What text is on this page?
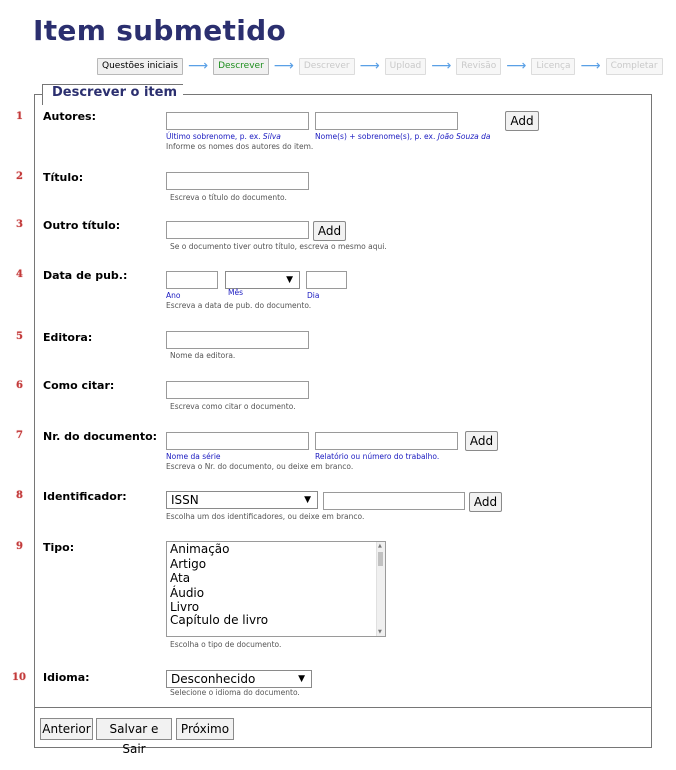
Item submetido
Questões iniciais ⟶	Descrever ⟶	Descrever ⟶	Upload ⟶	Revisão ⟶	Licença ⟶	Completar
Descrever o item
1 Autores:	Add
Último sobrenome, p. ex. Silva	Nome(s) + sobrenome(s), p. ex. João Souza da
Informe os nomes dos autores do item.
2 Título:
Escreva o título do documento.
3 Outro título:	Add
Se o documento tiver outro título, escreva o mesmo aqui.
4 Data de pub.:	▼
Ano	Mês	Dia
Escreva a data de pub. do documento.
5 Editora:
Nome da editora.
6 Como citar:
Escreva como citar o documento.
7 Nr. do documento:	Add
Nome da série	Relatório ou número do trabalho.
Escreva o Nr. do documento, ou deixe em branco.
8 Identificador:	ISSN	▼	Add
Escolha um dos identificadores, ou deixe em branco.
9 Tipo:	Animação
Artigo
Ata
Áudio
Livro
Capítulo de livro
▲
▼
Escolha o tipo de documento.
10 Idioma:	Desconhecido	▼
Selecione o idioma do documento.
Anterior	Salvar e Sair
Próximo
